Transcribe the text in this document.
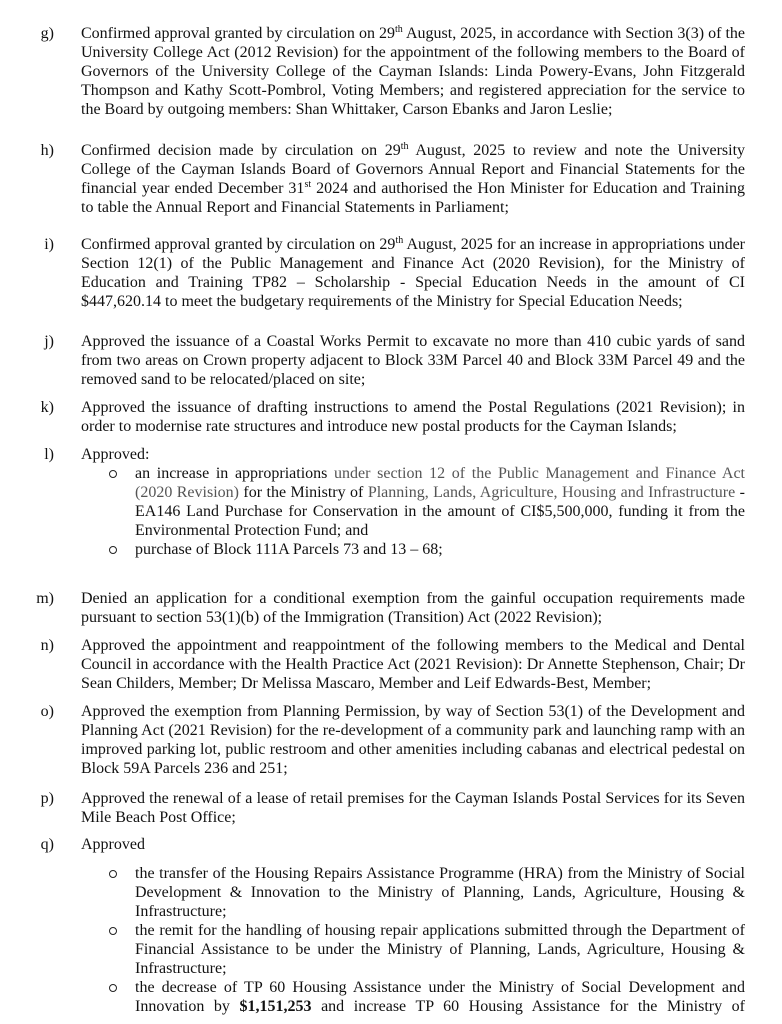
g) Confirmed approval granted by circulation on 29th August, 2025, in accordance with Section 3(3) of the University College Act (2012 Revision) for the appointment of the following members to the Board of Governors of the University College of the Cayman Islands: Linda Powery-Evans, John Fitzgerald Thompson and Kathy Scott-Pombrol, Voting Members; and registered appreciation for the service to the Board by outgoing members: Shan Whittaker, Carson Ebanks and Jaron Leslie;
h) Confirmed decision made by circulation on 29th August, 2025 to review and note the University College of the Cayman Islands Board of Governors Annual Report and Financial Statements for the financial year ended December 31st 2024 and authorised the Hon Minister for Education and Training to table the Annual Report and Financial Statements in Parliament;
i) Confirmed approval granted by circulation on 29th August, 2025 for an increase in appropriations under Section 12(1) of the Public Management and Finance Act (2020 Revision), for the Ministry of Education and Training TP82 – Scholarship - Special Education Needs in the amount of CI $447,620.14 to meet the budgetary requirements of the Ministry for Special Education Needs;
j) Approved the issuance of a Coastal Works Permit to excavate no more than 410 cubic yards of sand from two areas on Crown property adjacent to Block 33M Parcel 40 and Block 33M Parcel 49 and the removed sand to be relocated/placed on site;
k) Approved the issuance of drafting instructions to amend the Postal Regulations (2021 Revision); in order to modernise rate structures and introduce new postal products for the Cayman Islands;
l) Approved:
an increase in appropriations under section 12 of the Public Management and Finance Act (2020 Revision) for the Ministry of Planning, Lands, Agriculture, Housing and Infrastructure - EA146 Land Purchase for Conservation in the amount of CI$5,500,000, funding it from the Environmental Protection Fund; and
purchase of Block 111A Parcels 73 and 13 – 68;
m) Denied an application for a conditional exemption from the gainful occupation requirements made pursuant to section 53(1)(b) of the Immigration (Transition) Act (2022 Revision);
n) Approved the appointment and reappointment of the following members to the Medical and Dental Council in accordance with the Health Practice Act (2021 Revision): Dr Annette Stephenson, Chair; Dr Sean Childers, Member; Dr Melissa Mascaro, Member and Leif Edwards-Best, Member;
o) Approved the exemption from Planning Permission, by way of Section 53(1) of the Development and Planning Act (2021 Revision) for the re-development of a community park and launching ramp with an improved parking lot, public restroom and other amenities including cabanas and electrical pedestal on Block 59A Parcels 236 and 251;
p) Approved the renewal of a lease of retail premises for the Cayman Islands Postal Services for its Seven Mile Beach Post Office;
q) Approved
the transfer of the Housing Repairs Assistance Programme (HRA) from the Ministry of Social Development & Innovation to the Ministry of Planning, Lands, Agriculture, Housing & Infrastructure;
the remit for the handling of housing repair applications submitted through the Department of Financial Assistance to be under the Ministry of Planning, Lands, Agriculture, Housing & Infrastructure;
the decrease of TP 60 Housing Assistance under the Ministry of Social Development and Innovation by $1,151,253 and increase TP 60 Housing Assistance for the Ministry of
